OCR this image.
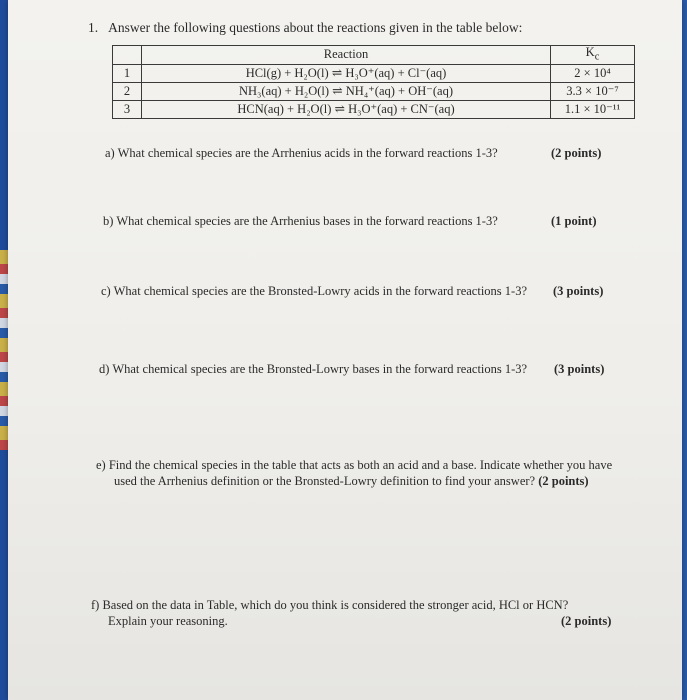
1. Answer the following questions about the reactions given in the table below:
	Reaction	$K_c$
1	HCl(g) + H₂O(l) ⇌ H₃O⁺(aq) + Cl⁻(aq)	2 × 10⁴
2	NH₃(aq) + H₂O(l) ⇌ NH₄⁺(aq) + OH⁻(aq)	3.3 × 10⁻⁷
3	HCN(aq) + H₂O(l) ⇌ H₃O⁺(aq) + CN⁻(aq)	1.1 × 10⁻¹¹
a) What chemical species are the Arrhenius acids in the forward reactions 1-3?	(2 points)
b) What chemical species are the Arrhenius bases in the forward reactions 1-3?	(1 point)
c) What chemical species are the Bronsted-Lowry acids in the forward reactions 1-3? (3 points)
d) What chemical species are the Bronsted-Lowry bases in the forward reactions 1-3? (3 points)
e) Find the chemical species in the table that acts as both an acid and a base. Indicate whether you have
used the Arrhenius definition or the Bronsted-Lowry definition to find your answer? (2 points)
f) Based on the data in Table, which do you think is considered the stronger acid, HCl or HCN?
Explain your reasoning.	(2 points)
